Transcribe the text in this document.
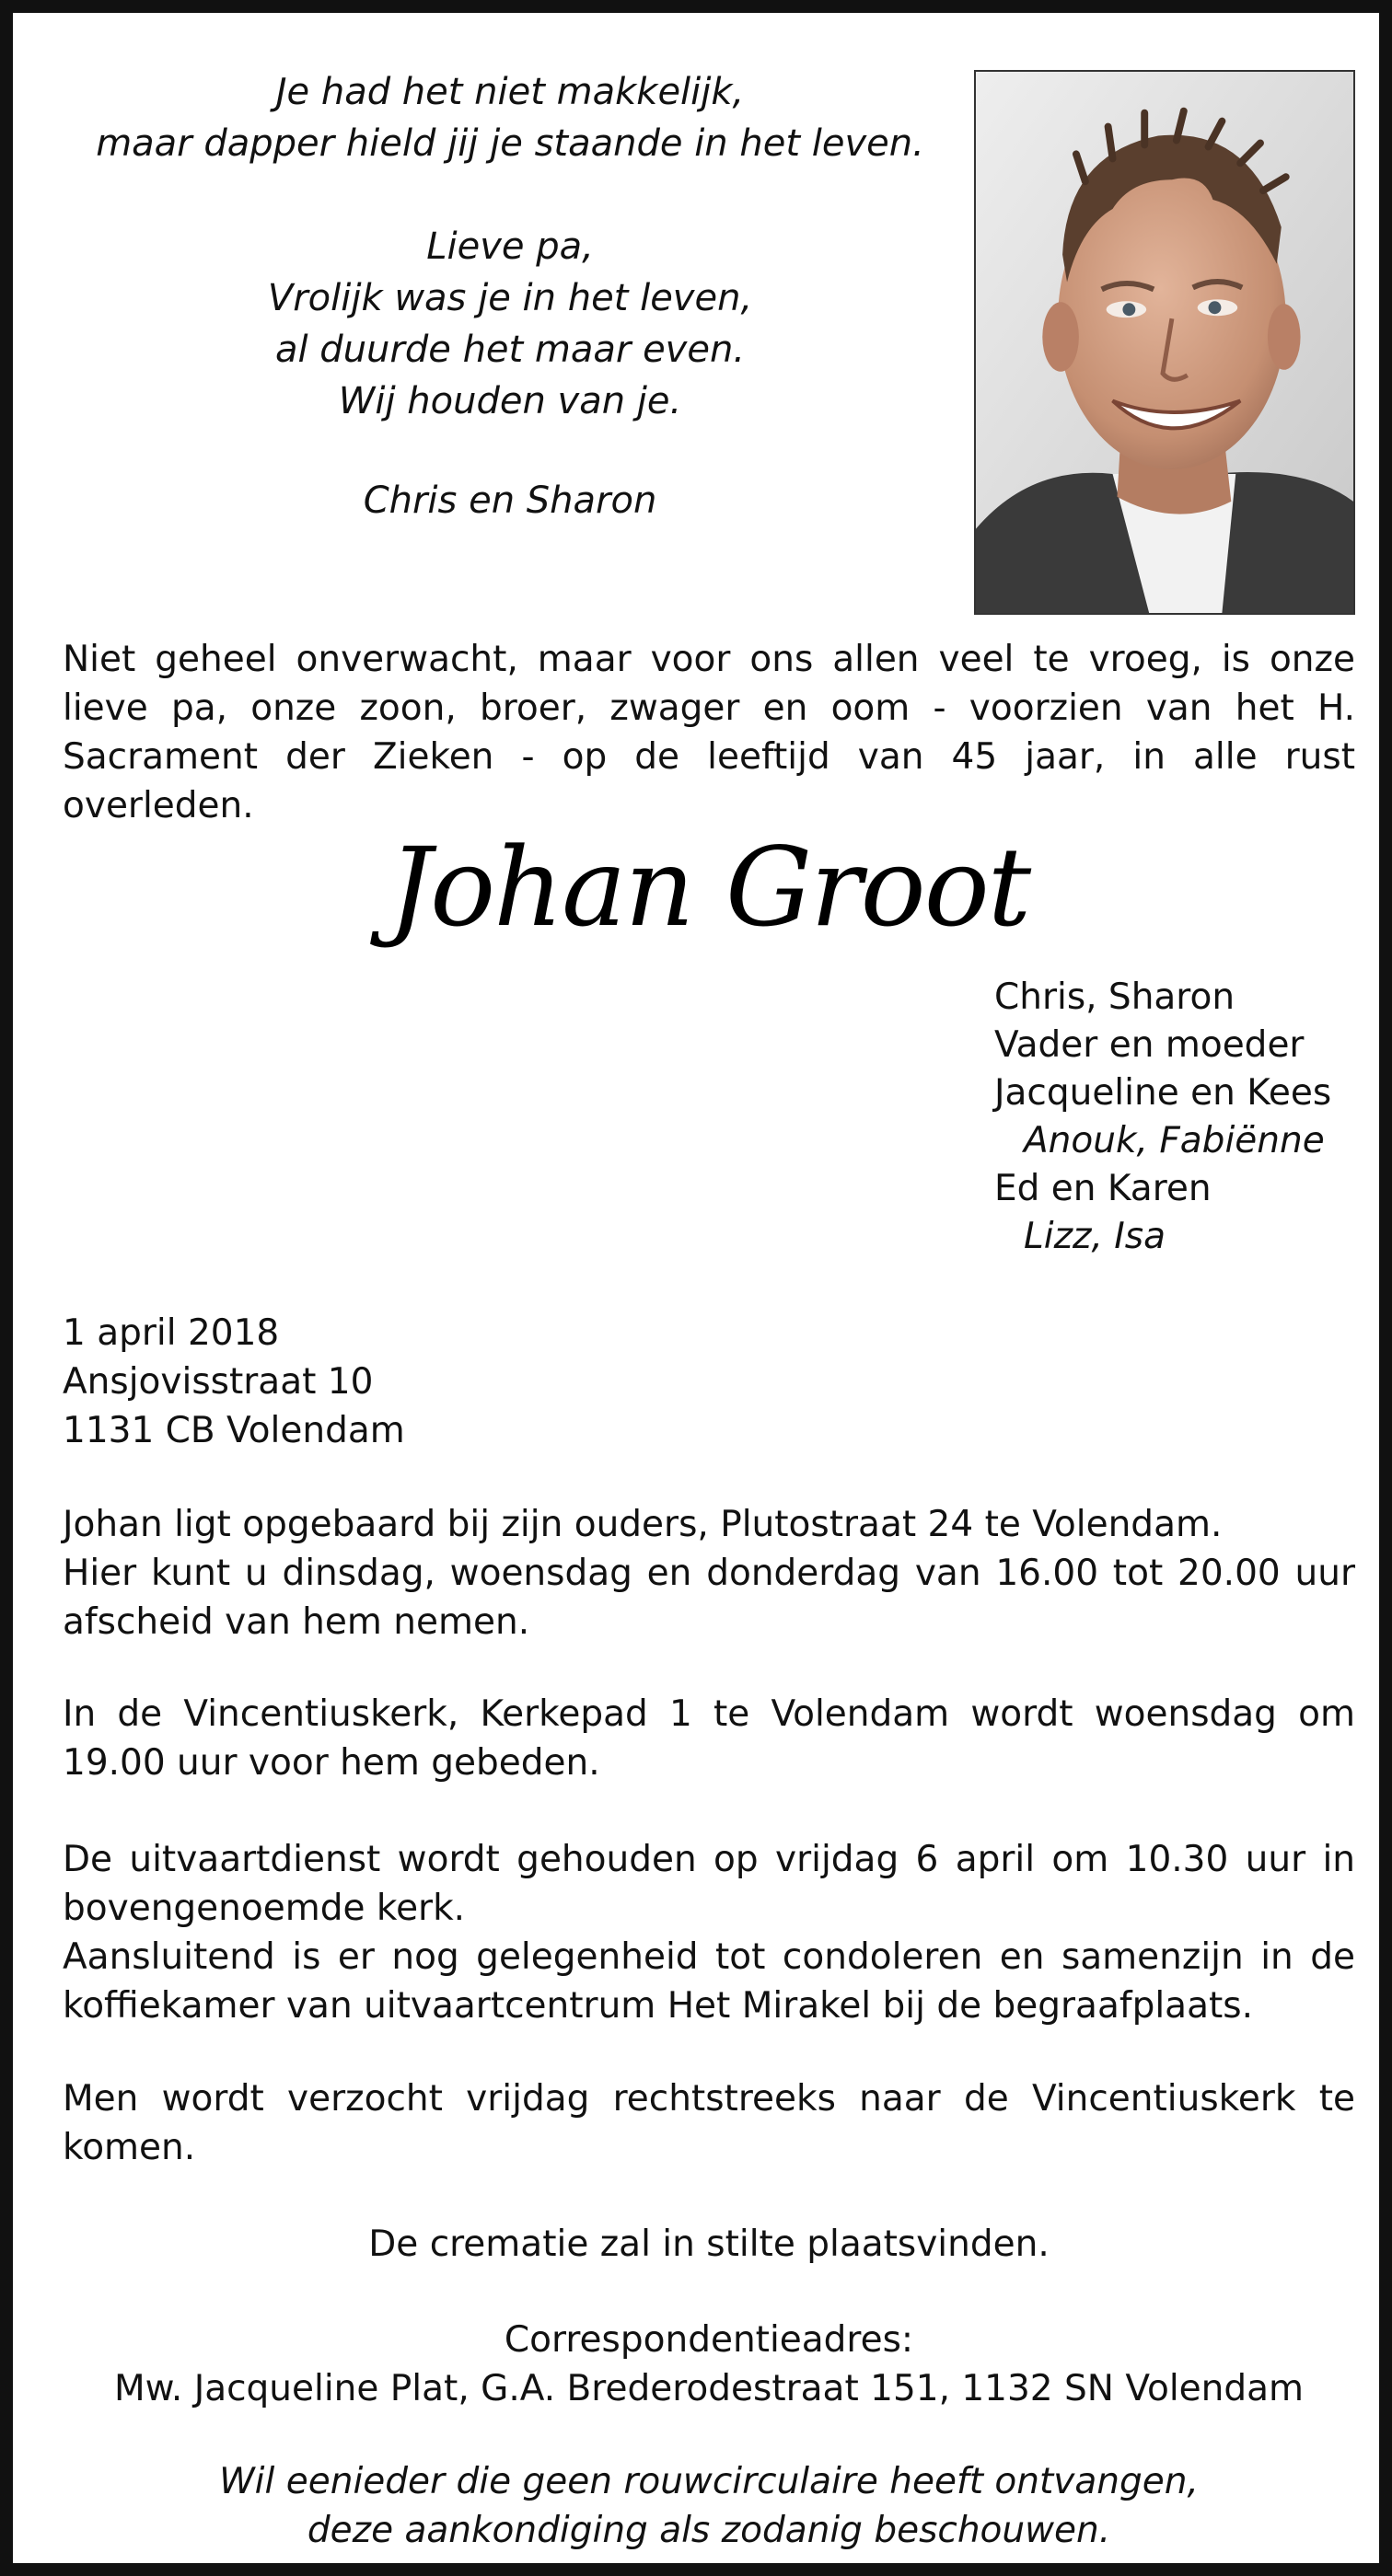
Je had het niet makkelijk,
maar dapper hield jij je staande in het leven.
Lieve pa,
Vrolijk was je in het leven,
al duurde het maar even.
Wij houden van je.
Chris en Sharon
Niet geheel onverwacht, maar voor ons allen veel te vroeg, is onze lieve pa, onze zoon, broer, zwager en oom - voorzien van het H. Sacrament der Zieken - op de leeftijd van 45 jaar, in alle rust overleden.
Johan Groot
Chris, Sharon
Vader en moeder
Jacqueline en Kees
Anouk, Fabiënne
Ed en Karen
Lizz, Isa
1 april 2018
Ansjovisstraat 10
1131 CB Volendam
Johan ligt opgebaard bij zijn ouders, Plutostraat 24 te Volendam.
Hier kunt u dinsdag, woensdag en donderdag van 16.00 tot 20.00 uur afscheid van hem nemen.
In de Vincentiuskerk, Kerkepad 1 te Volendam wordt woensdag om 19.00 uur voor hem gebeden.
De uitvaartdienst wordt gehouden op vrijdag 6 april om 10.30 uur in bovengenoemde kerk.
Aansluitend is er nog gelegenheid tot condoleren en samenzijn in de koffiekamer van uitvaartcentrum Het Mirakel bij de begraafplaats.
Men wordt verzocht vrijdag rechtstreeks naar de Vincentiuskerk te komen.
De crematie zal in stilte plaatsvinden.
Correspondentieadres:
Mw. Jacqueline Plat, G.A. Brederodestraat 151, 1132 SN Volendam
Wil eenieder die geen rouwcirculaire heeft ontvangen,
deze aankondiging als zodanig beschouwen.
